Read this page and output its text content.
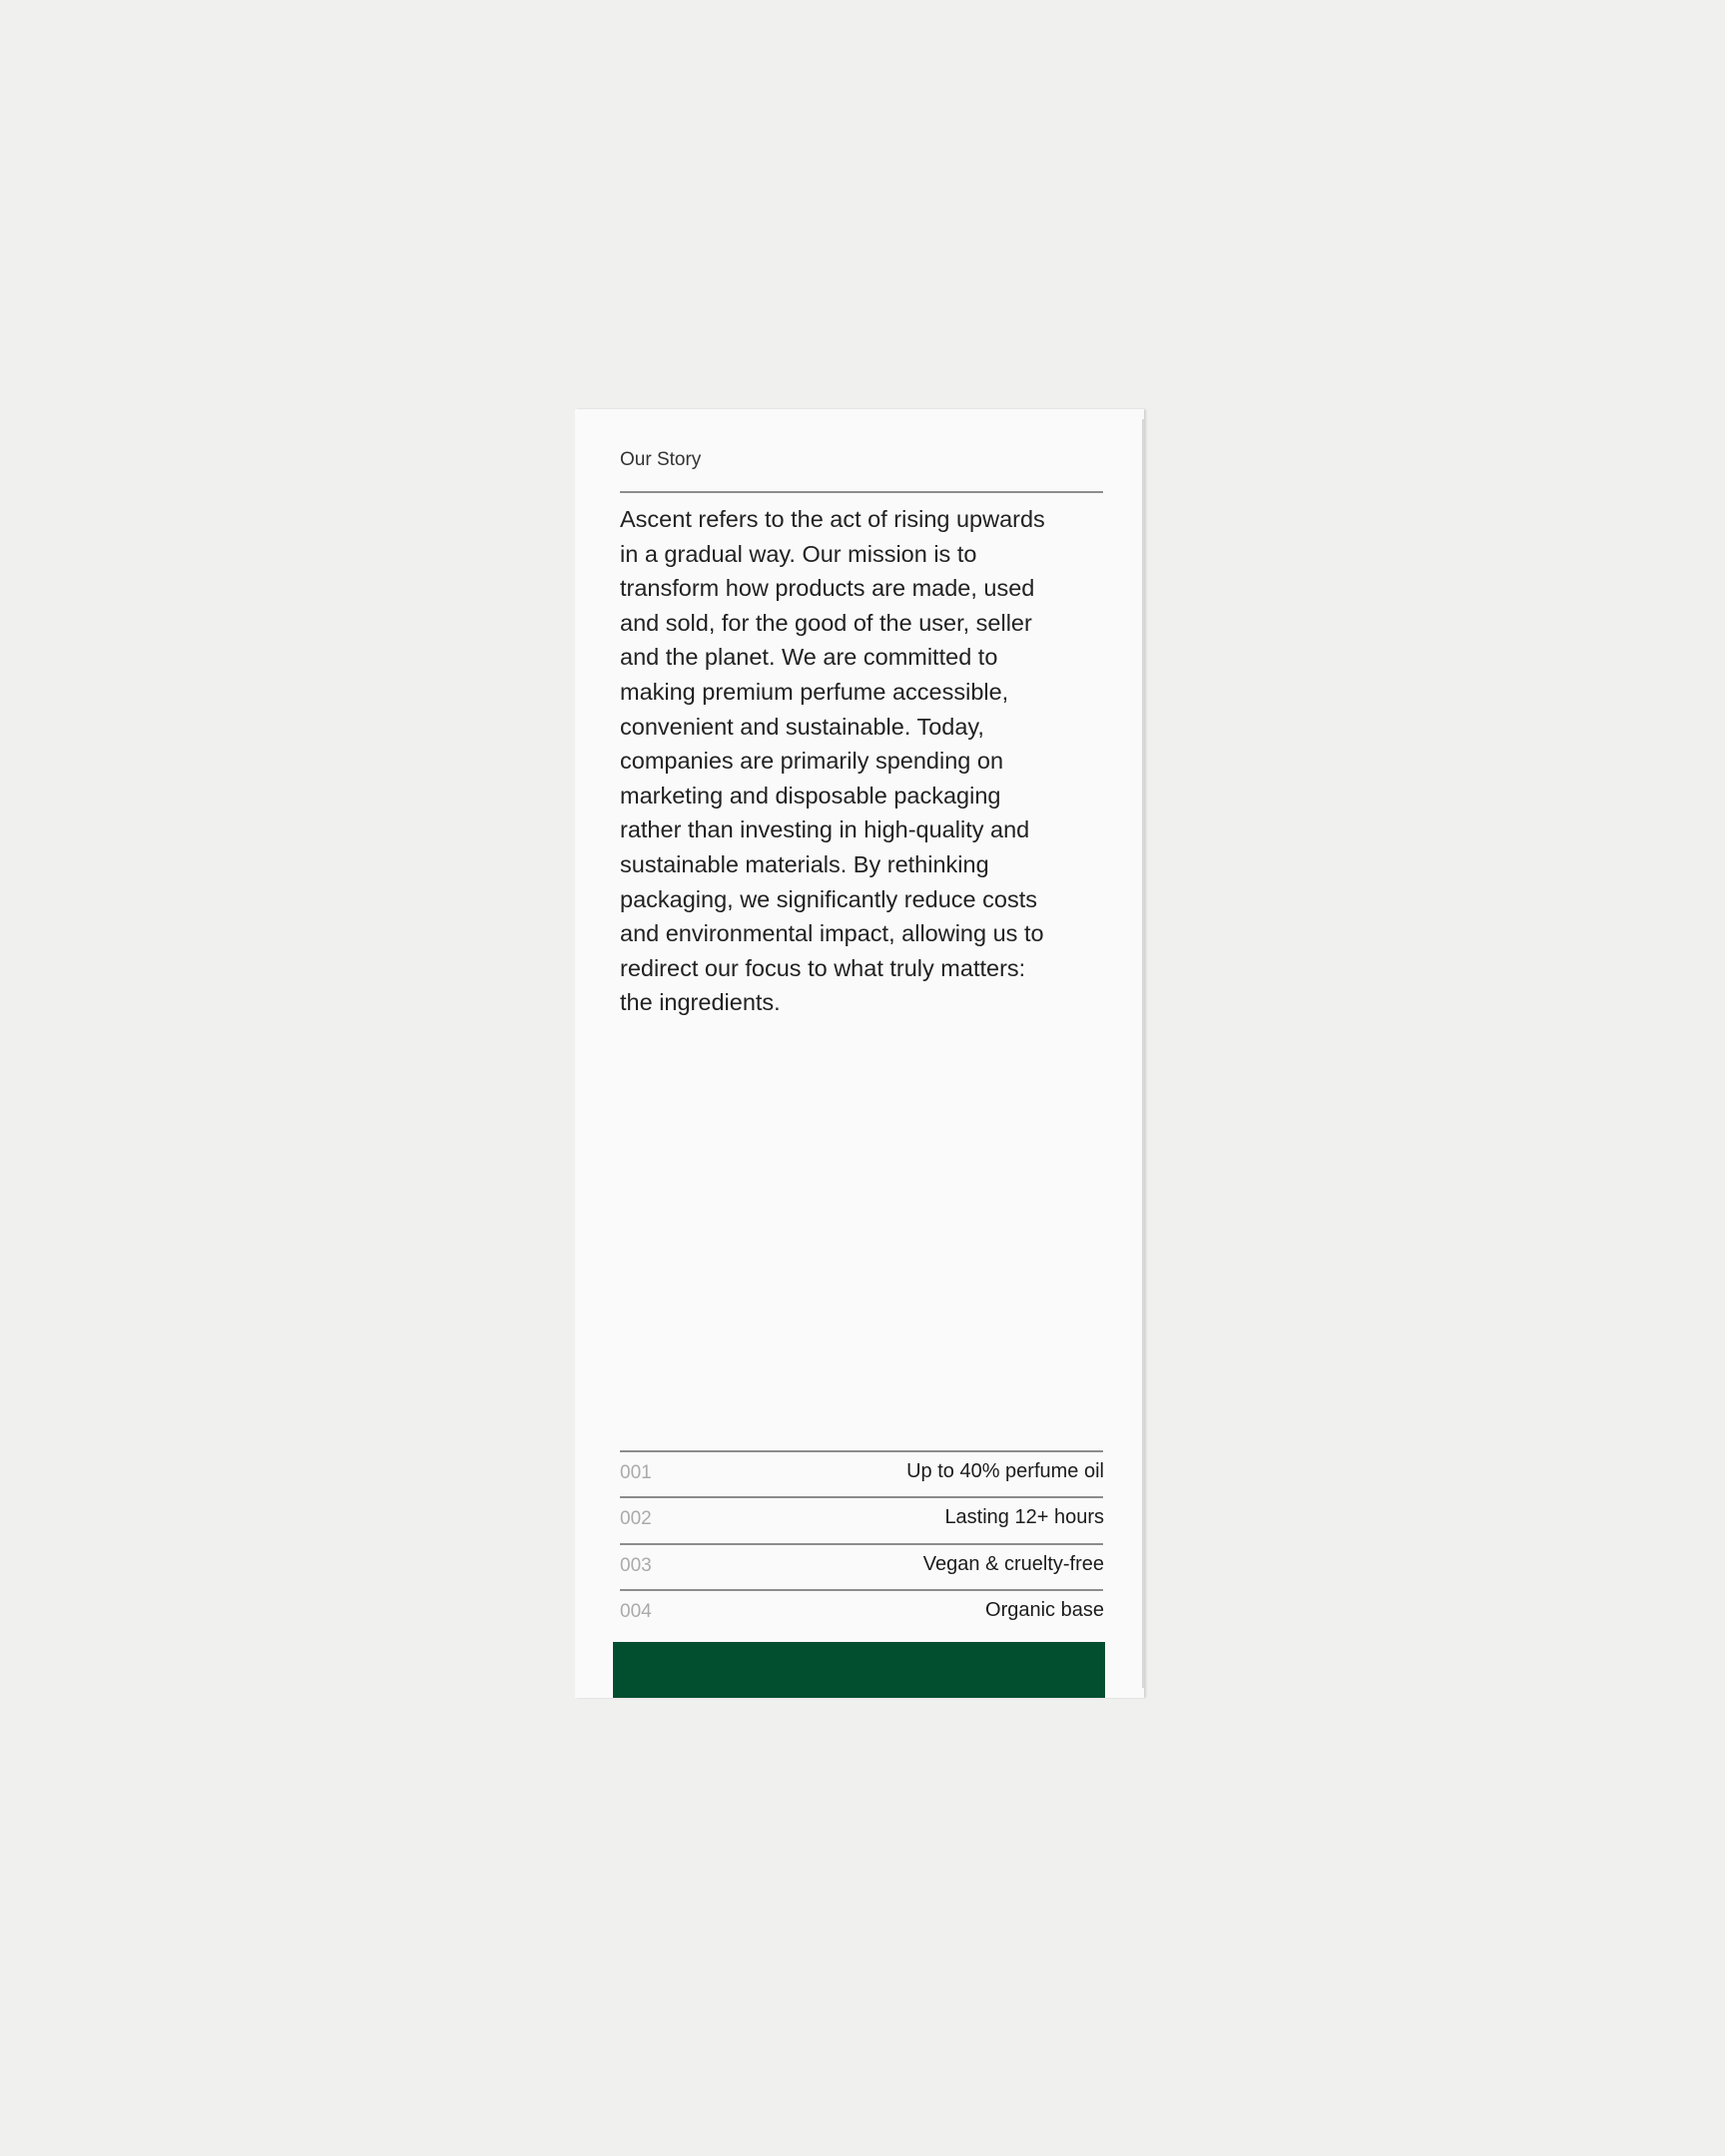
Our Story
Ascent refers to the act of rising upwards
in a gradual way. Our mission is to
transform how products are made, used
and sold, for the good of the user, seller
and the planet. We are committed to
making premium perfume accessible,
convenient and sustainable. Today,
companies are primarily spending on
marketing and disposable packaging
rather than investing in high-quality and
sustainable materials. By rethinking
packaging, we significantly reduce costs
and environmental impact, allowing us to
redirect our focus to what truly matters:
the ingredients.
001	Up to 40% perfume oil
002	Lasting 12+ hours
003	Vegan & cruelty-free
004	Organic base
